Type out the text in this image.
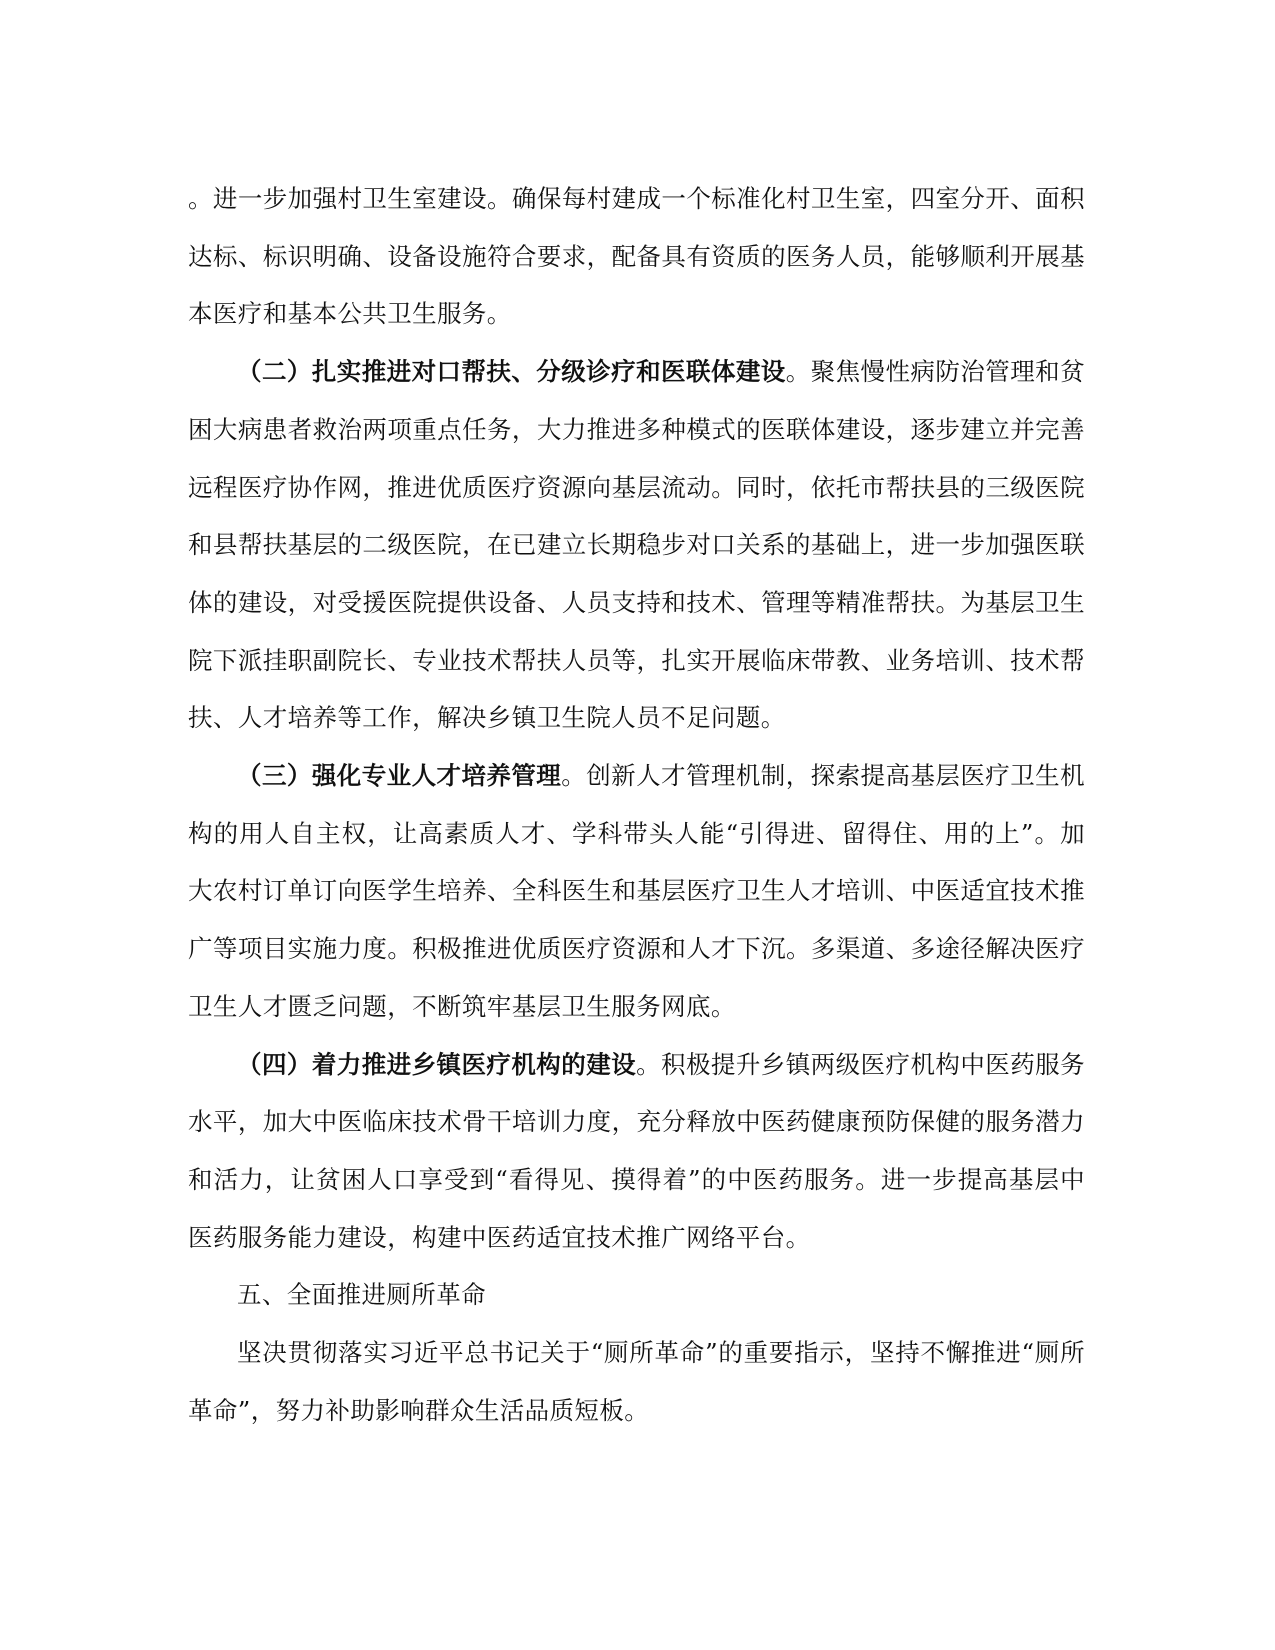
。进一步加强村卫生室建设。确保每村建成一个标准化村卫生室，四室分开、面积达标、标识明确、设备设施符合要求，配备具有资质的医务人员，能够顺利开展基本医疗和基本公共卫生服务。

（二）扎实推进对口帮扶、分级诊疗和医联体建设。聚焦慢性病防治管理和贫困大病患者救治两项重点任务，大力推进多种模式的医联体建设，逐步建立并完善远程医疗协作网，推进优质医疗资源向基层流动。同时，依托市帮扶县的三级医院和县帮扶基层的二级医院，在已建立长期稳步对口关系的基础上，进一步加强医联体的建设，对受援医院提供设备、人员支持和技术、管理等精准帮扶。为基层卫生院下派挂职副院长、专业技术帮扶人员等，扎实开展临床带教、业务培训、技术帮扶、人才培养等工作，解决乡镇卫生院人员不足问题。

（三）强化专业人才培养管理。创新人才管理机制，探索提高基层医疗卫生机构的用人自主权，让高素质人才、学科带头人能“引得进、留得住、用的上”。加大农村订单订向医学生培养、全科医生和基层医疗卫生人才培训、中医适宜技术推广等项目实施力度。积极推进优质医疗资源和人才下沉。多渠道、多途径解决医疗卫生人才匮乏问题，不断筑牢基层卫生服务网底。

（四）着力推进乡镇医疗机构的建设。积极提升乡镇两级医疗机构中医药服务水平，加大中医临床技术骨干培训力度，充分释放中医药健康预防保健的服务潜力和活力，让贫困人口享受到“看得见、摸得着”的中医药服务。进一步提高基层中医药服务能力建设，构建中医药适宜技术推广网络平台。

五、全面推进厕所革命

坚决贯彻落实习近平总书记关于“厕所革命”的重要指示，坚持不懈推进“厕所革命”，努力补助影响群众生活品质短板。
